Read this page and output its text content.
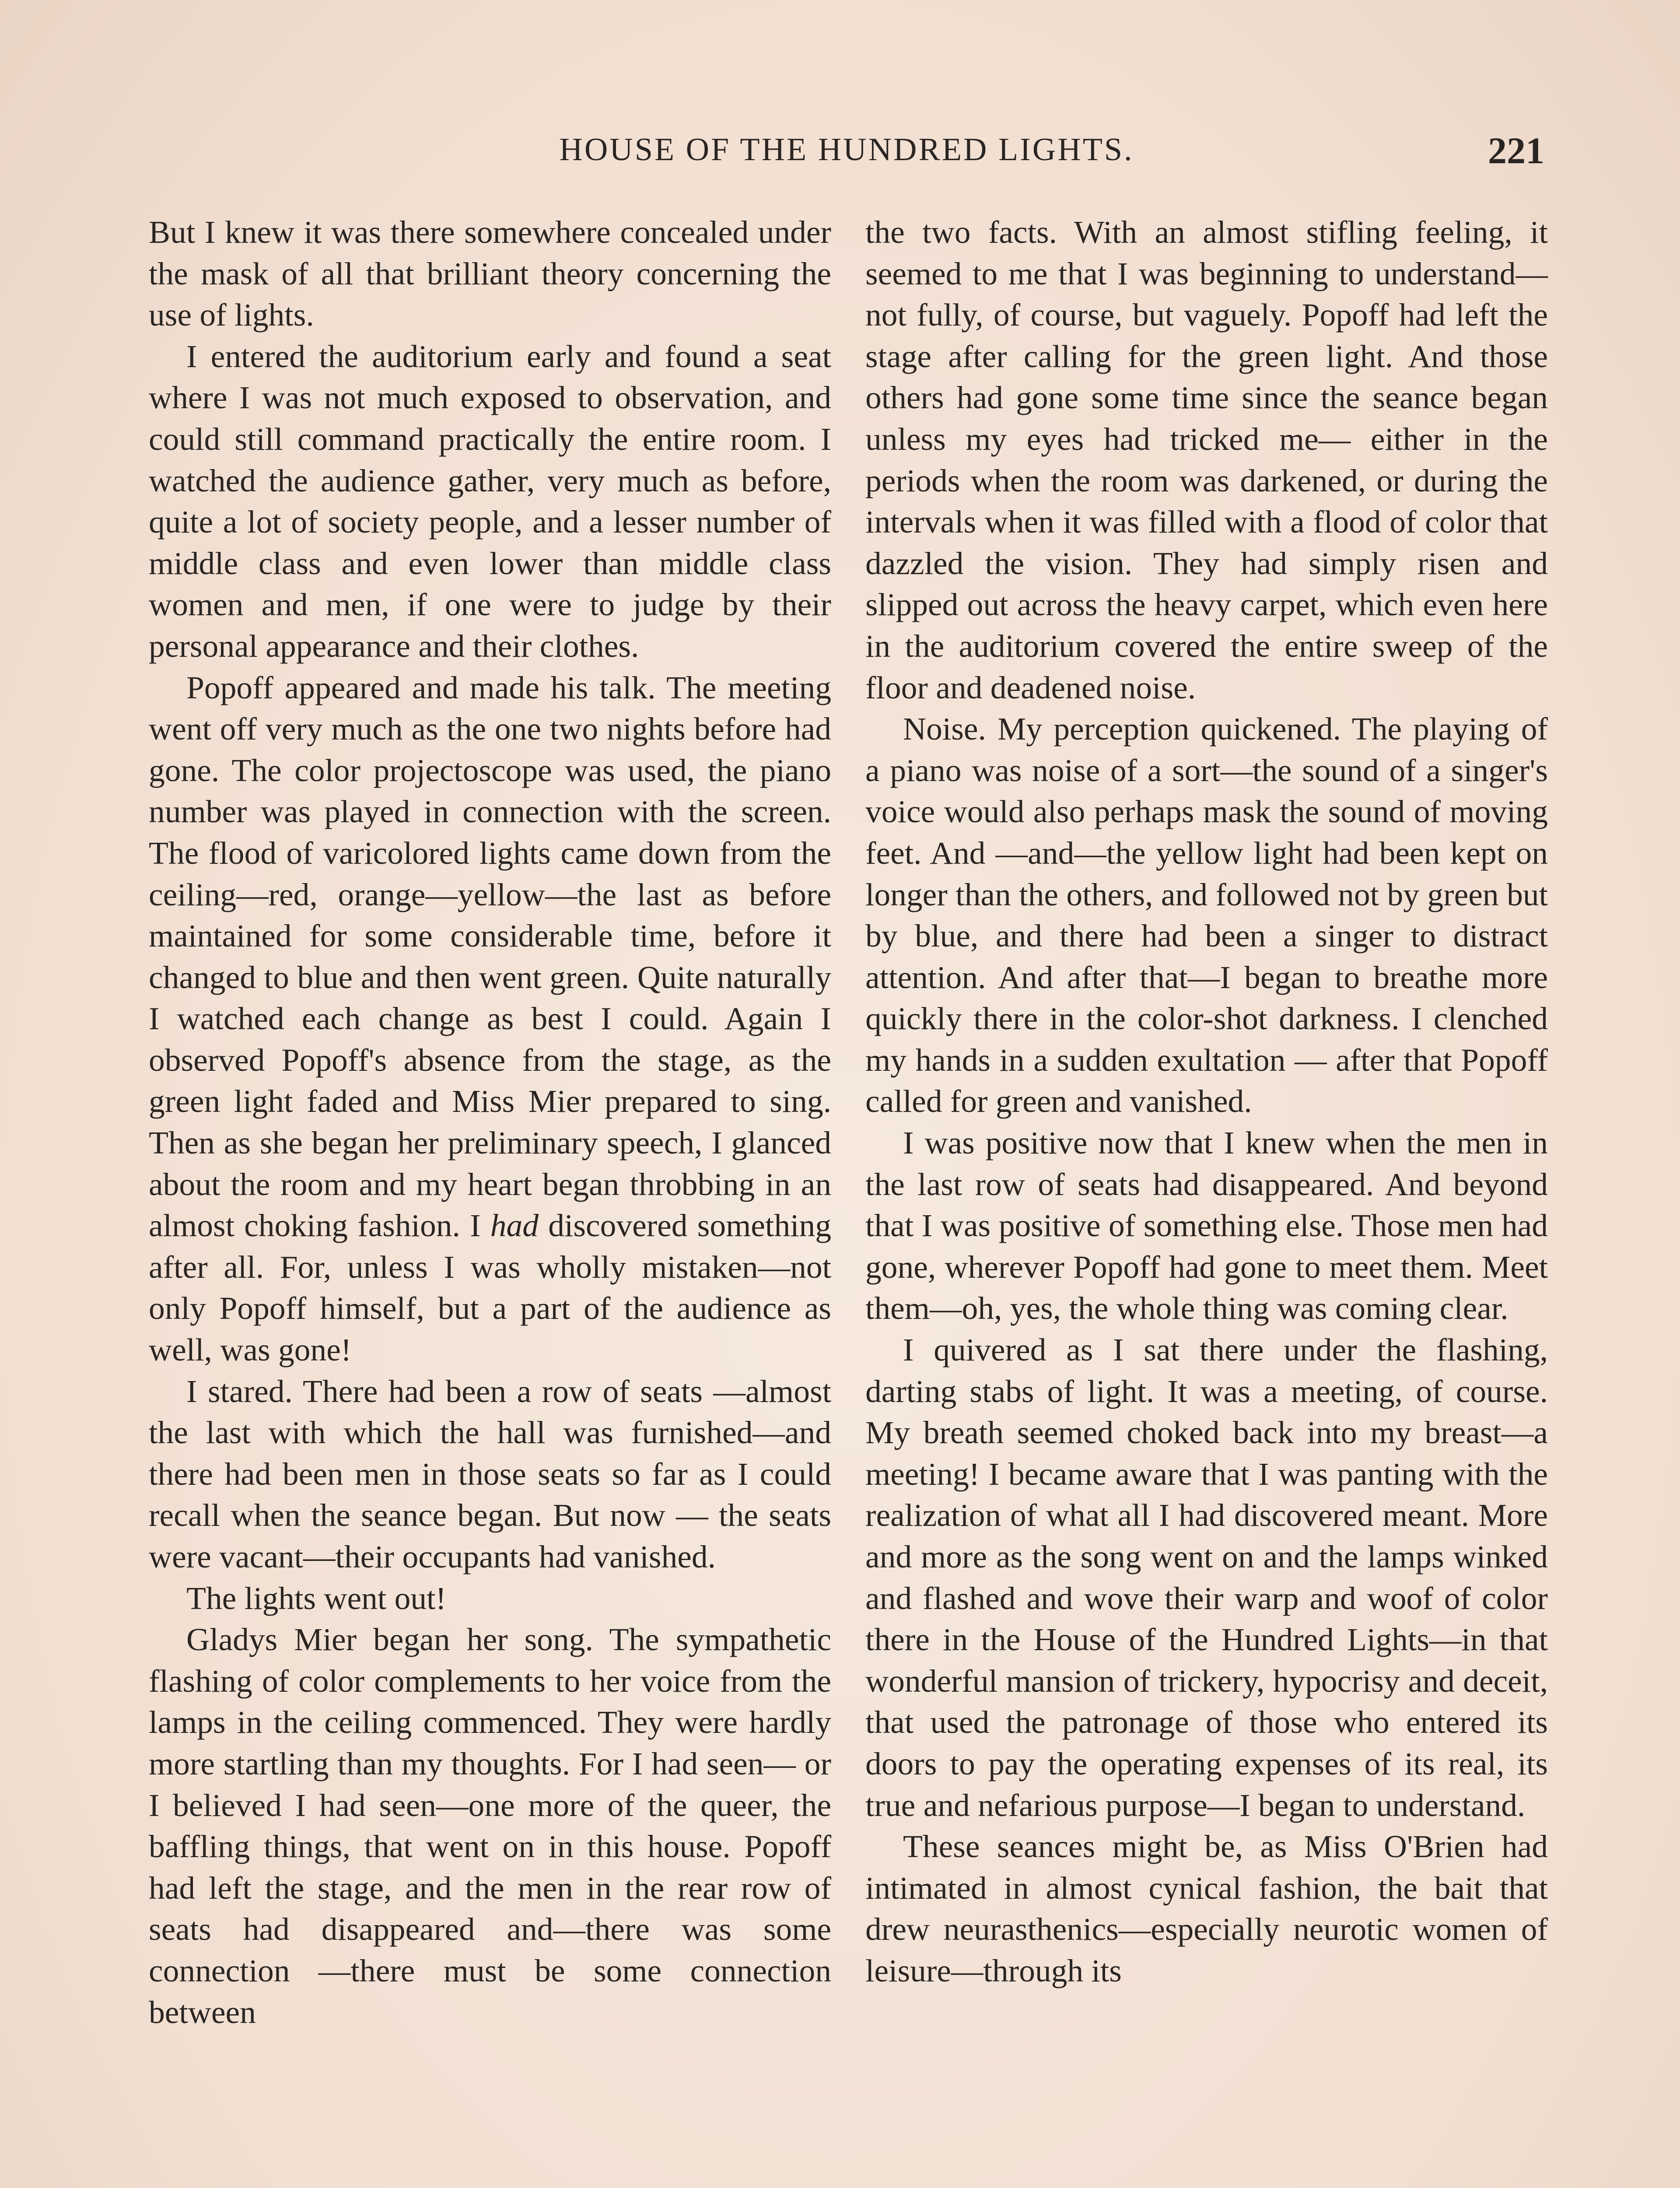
HOUSE OF THE HUNDRED LIGHTS.	221

But I knew it was there somewhere concealed under the mask of all that brilliant theory concerning the use of lights.

I entered the auditorium early and found a seat where I was not much exposed to observation, and could still command practically the entire room. I watched the audience gather, very much as before, quite a lot of society people, and a lesser number of middle class and even lower than middle class women and men, if one were to judge by their personal appearance and their clothes.

Popoff appeared and made his talk. The meeting went off very much as the one two nights before had gone. The color projectoscope was used, the piano number was played in connection with the screen. The flood of varicolored lights came down from the ceiling—red, orange—yellow—the last as before maintained for some considerable time, before it changed to blue and then went green. Quite naturally I watched each change as best I could. Again I observed Popoff's absence from the stage, as the green light faded and Miss Mier prepared to sing. Then as she began her preliminary speech, I glanced about the room and my heart began throbbing in an almost choking fashion. I had discovered something after all. For, unless I was wholly mistaken—not only Popoff himself, but a part of the audience as well, was gone!

I stared. There had been a row of seats —almost the last with which the hall was furnished—and there had been men in those seats so far as I could recall when the seance began. But now — the seats were vacant—their occupants had vanished.

The lights went out!

Gladys Mier began her song. The sympathetic flashing of color complements to her voice from the lamps in the ceiling commenced. They were hardly more startling than my thoughts. For I had seen— or I believed I had seen—one more of the queer, the baffling things, that went on in this house. Popoff had left the stage, and the men in the rear row of seats had disappeared and—there was some connection —there must be some connection between

the two facts. With an almost stifling feeling, it seemed to me that I was beginning to understand—not fully, of course, but vaguely. Popoff had left the stage after calling for the green light. And those others had gone some time since the seance began unless my eyes had tricked me— either in the periods when the room was darkened, or during the intervals when it was filled with a flood of color that dazzled the vision. They had simply risen and slipped out across the heavy carpet, which even here in the auditorium covered the entire sweep of the floor and deadened noise.

Noise. My perception quickened. The playing of a piano was noise of a sort—the sound of a singer's voice would also perhaps mask the sound of moving feet. And —and—the yellow light had been kept on longer than the others, and followed not by green but by blue, and there had been a singer to distract attention. And after that—I began to breathe more quickly there in the color-shot darkness. I clenched my hands in a sudden exultation — after that Popoff called for green and vanished.

I was positive now that I knew when the men in the last row of seats had disappeared. And beyond that I was positive of something else. Those men had gone, wherever Popoff had gone to meet them. Meet them—oh, yes, the whole thing was coming clear.

I quivered as I sat there under the flashing, darting stabs of light. It was a meeting, of course. My breath seemed choked back into my breast—a meeting! I became aware that I was panting with the realization of what all I had discovered meant. More and more as the song went on and the lamps winked and flashed and wove their warp and woof of color there in the House of the Hundred Lights—in that wonderful mansion of trickery, hypocrisy and deceit, that used the patronage of those who entered its doors to pay the operating expenses of its real, its true and nefarious purpose—I began to understand.

These seances might be, as Miss O'Brien had intimated in almost cynical fashion, the bait that drew neurasthenics—especially neurotic women of leisure—through its
